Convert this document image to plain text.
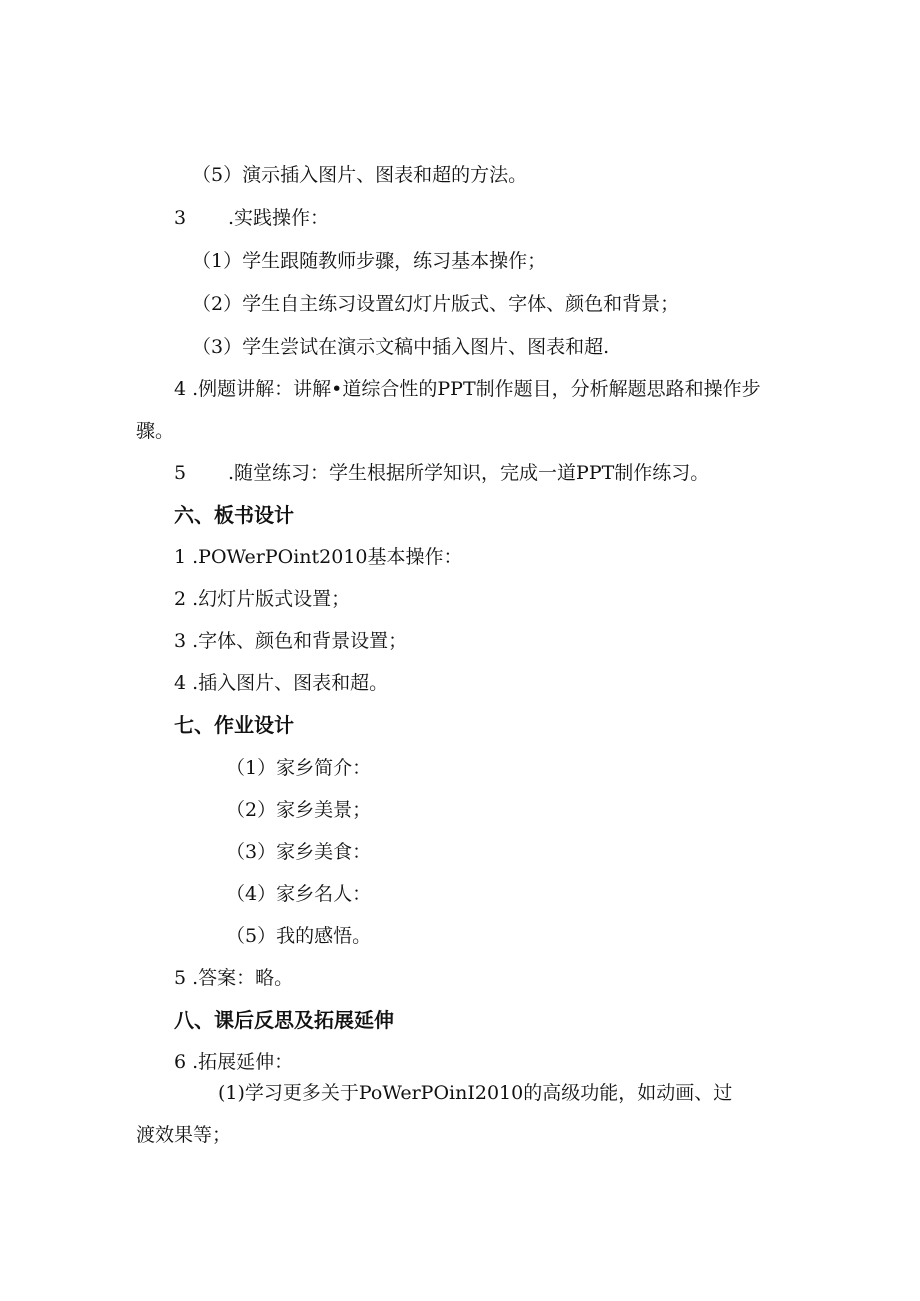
（5）演示插入图片、图表和超的方法。
3 .实践操作：
（1）学生跟随教师步骤，练习基本操作；
（2）学生自主练习设置幻灯片版式、字体、颜色和背景；
（3）学生尝试在演示文稿中插入图片、图表和超.
4 .例题讲解：讲解•道综合性的PPT制作题目，分析解题思路和操作步
骤。
5 .随堂练习：学生根据所学知识，完成一道PPT制作练习。
六、板书设计
1 .POWerPOint2010基本操作：
2 .幻灯片版式设置；
3 .字体、颜色和背景设置；
4 .插入图片、图表和超。
七、作业设计
（1）家乡简介：
（2）家乡美景；
（3）家乡美食：
（4）家乡名人：
（5）我的感悟。
5 .答案：略。
八、课后反思及拓展延伸
6 .拓展延伸：
(1)学习更多关于PoWerPOinI2010的高级功能，如动画、过
渡效果等；
